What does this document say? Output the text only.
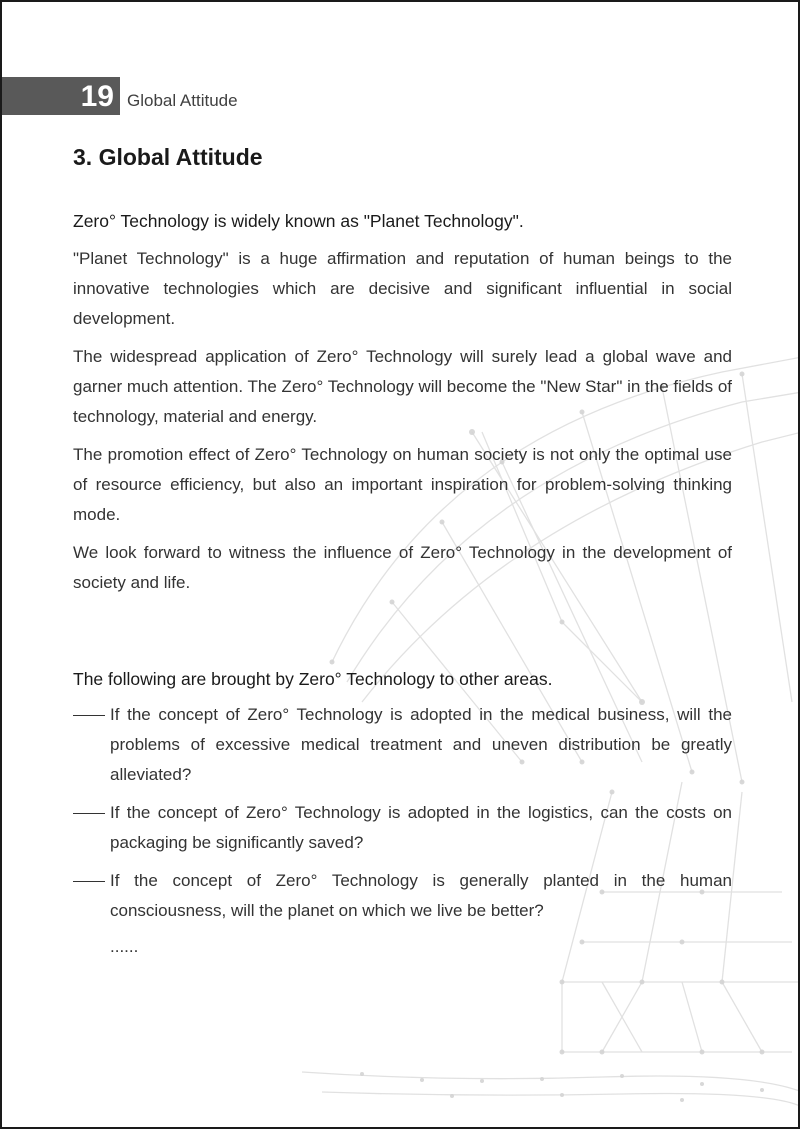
19 Global Attitude
3. Global Attitude

Zero° Technology is widely known as "Planet Technology".

"Planet Technology" is a huge affirmation and reputation of human beings to the innovative technologies which are decisive and significant influential in social development.

The widespread application of Zero° Technology will surely lead a global wave and garner much attention. The Zero° Technology will become the "New Star" in the fields of technology, material and energy.

The promotion effect of Zero° Technology on human society is not only the optimal use of resource efficiency, but also an important inspiration for problem-solving thinking mode.

We look forward to witness the influence of Zero° Technology in the development of society and life.

The following are brought by Zero° Technology to other areas.

If the concept of Zero° Technology is adopted in the medical business, will the problems of excessive medical treatment and uneven distribution be greatly alleviated?
If the concept of Zero° Technology is adopted in the logistics, can the costs on packaging be significantly saved?
If the concept of Zero° Technology is generally planted in the human consciousness, will the planet on which we live be better?

......
